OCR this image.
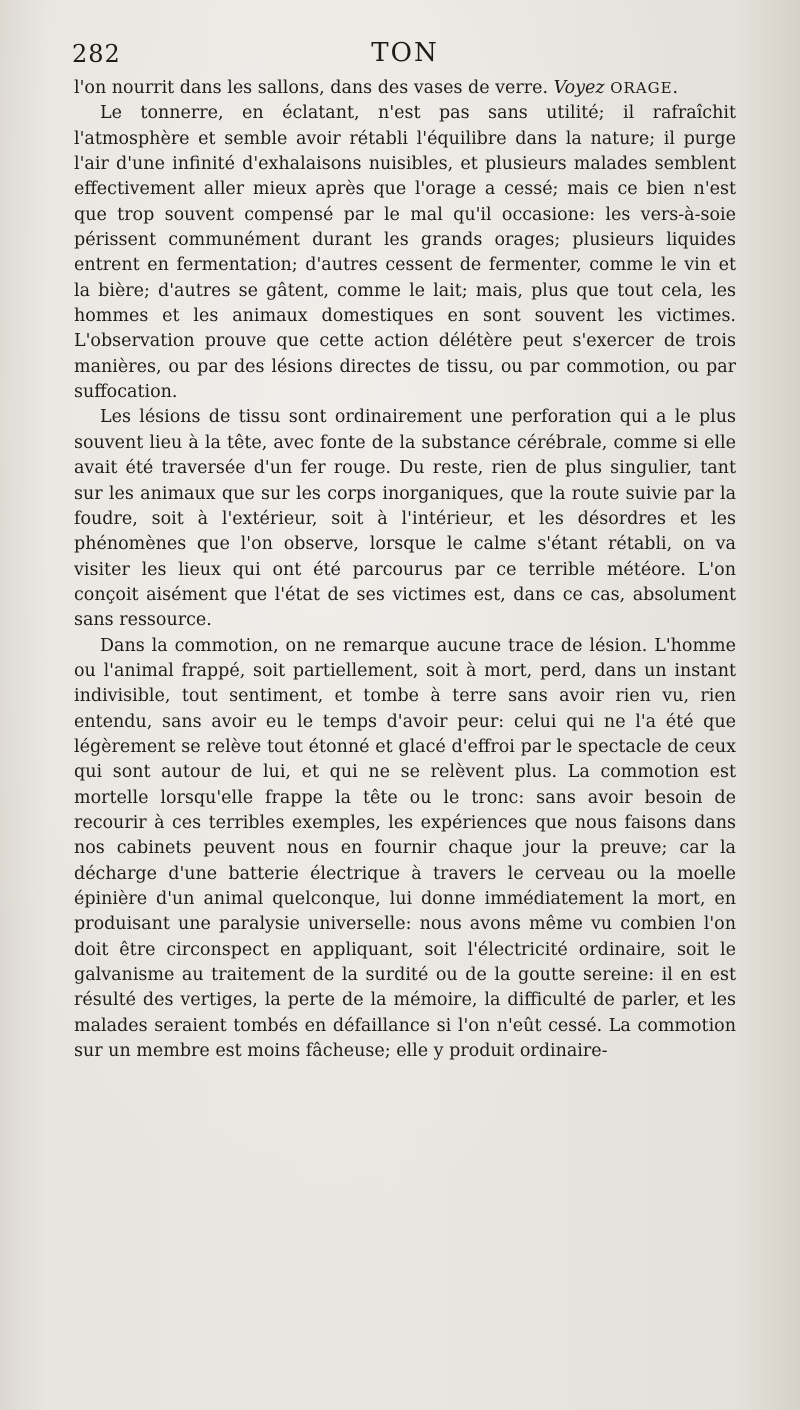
282	TON

l'on nourrit dans les sallons, dans des vases de verre. Voyez ORAGE.

Le tonnerre, en éclatant, n'est pas sans utilité; il rafraîchit l'atmosphère et semble avoir rétabli l'équilibre dans la nature; il purge l'air d'une infinité d'exhalaisons nuisibles, et plusieurs malades semblent effectivement aller mieux après que l'orage a cessé; mais ce bien n'est que trop souvent compensé par le mal qu'il occasione: les vers-à-soie périssent communément durant les grands orages; plusieurs liquides entrent en fermentation; d'autres cessent de fermenter, comme le vin et la bière; d'autres se gâtent, comme le lait; mais, plus que tout cela, les hommes et les animaux domestiques en sont souvent les victimes. L'observation prouve que cette action délétère peut s'exercer de trois manières, ou par des lésions directes de tissu, ou par commotion, ou par suffocation.

Les lésions de tissu sont ordinairement une perforation qui a le plus souvent lieu à la tête, avec fonte de la substance cérébrale, comme si elle avait été traversée d'un fer rouge. Du reste, rien de plus singulier, tant sur les animaux que sur les corps inorganiques, que la route suivie par la foudre, soit à l'extérieur, soit à l'intérieur, et les désordres et les phénomènes que l'on observe, lorsque le calme s'étant rétabli, on va visiter les lieux qui ont été parcourus par ce terrible météore. L'on conçoit aisément que l'état de ses victimes est, dans ce cas, absolument sans ressource.

Dans la commotion, on ne remarque aucune trace de lésion. L'homme ou l'animal frappé, soit partiellement, soit à mort, perd, dans un instant indivisible, tout sentiment, et tombe à terre sans avoir rien vu, rien entendu, sans avoir eu le temps d'avoir peur: celui qui ne l'a été que légèrement se relève tout étonné et glacé d'effroi par le spectacle de ceux qui sont autour de lui, et qui ne se relèvent plus. La commotion est mortelle lorsqu'elle frappe la tête ou le tronc: sans avoir besoin de recourir à ces terribles exemples, les expériences que nous faisons dans nos cabinets peuvent nous en fournir chaque jour la preuve; car la décharge d'une batterie électrique à travers le cerveau ou la moelle épinière d'un animal quelconque, lui donne immédiatement la mort, en produisant une paralysie universelle: nous avons même vu combien l'on doit être circonspect en appliquant, soit l'électricité ordinaire, soit le galvanisme au traitement de la surdité ou de la goutte sereine: il en est résulté des vertiges, la perte de la mémoire, la difficulté de parler, et les malades seraient tombés en défaillance si l'on n'eût cessé. La commotion sur un membre est moins fâcheuse; elle y produit ordinaire-
